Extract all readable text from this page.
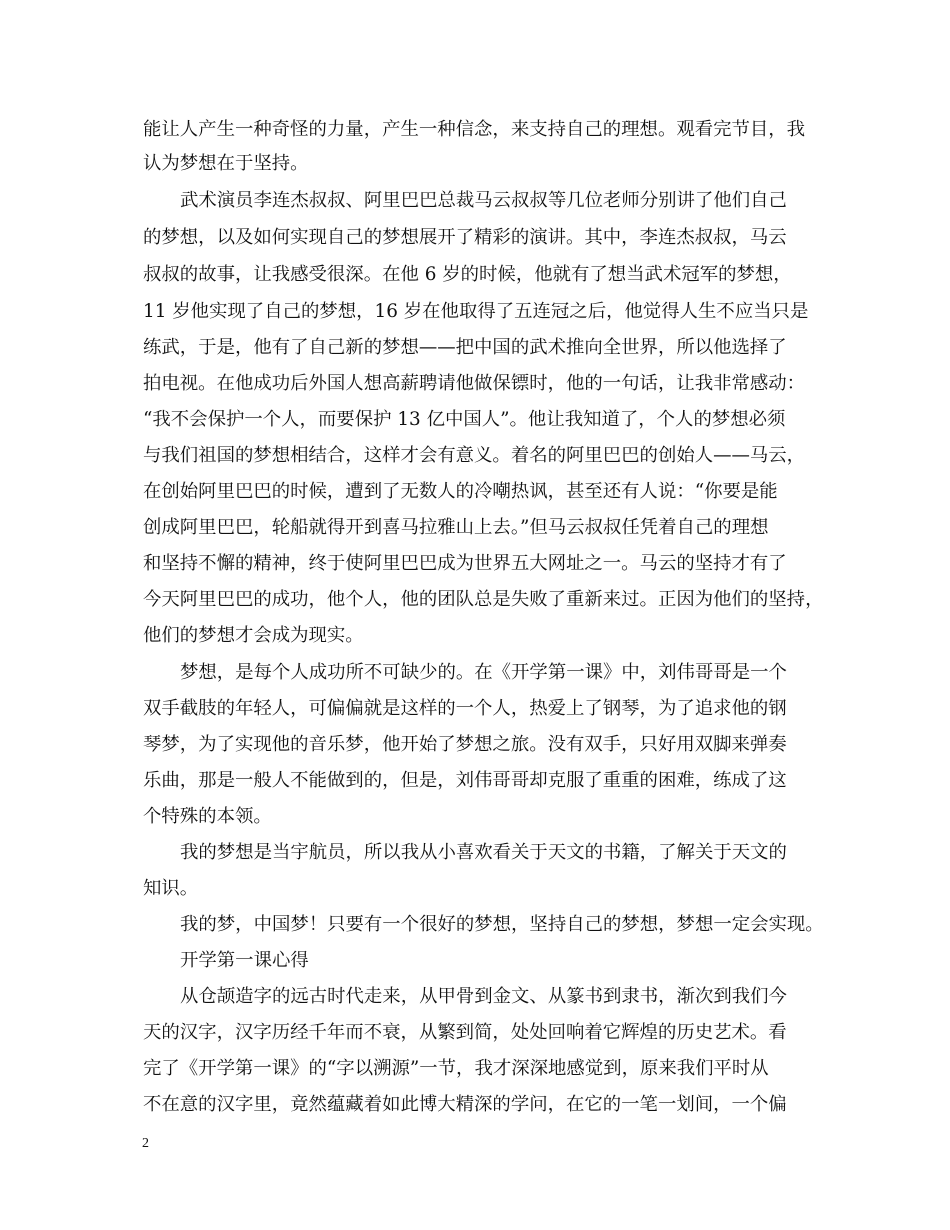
能让人产生一种奇怪的力量，产生一种信念，来支持自己的理想。观看完节目，我
认为梦想在于坚持。
武术演员李连杰叔叔、阿里巴巴总裁马云叔叔等几位老师分别讲了他们自己
的梦想，以及如何实现自己的梦想展开了精彩的演讲。其中，李连杰叔叔，马云
叔叔的故事，让我感受很深。在他 6 岁的时候，他就有了想当武术冠军的梦想，
11 岁他实现了自己的梦想，16 岁在他取得了五连冠之后，他觉得人生不应当只是
练武，于是，他有了自己新的梦想——把中国的武术推向全世界，所以他选择了
拍电视。在他成功后外国人想高薪聘请他做保镖时，他的一句话，让我非常感动：
“我不会保护一个人，而要保护 13 亿中国人”。他让我知道了，个人的梦想必须
与我们祖国的梦想相结合，这样才会有意义。着名的阿里巴巴的创始人——马云，
在创始阿里巴巴的时候，遭到了无数人的冷嘲热讽，甚至还有人说：“你要是能
创成阿里巴巴，轮船就得开到喜马拉雅山上去。”但马云叔叔任凭着自己的理想
和坚持不懈的精神，终于使阿里巴巴成为世界五大网址之一。马云的坚持才有了
今天阿里巴巴的成功，他个人，他的团队总是失败了重新来过。正因为他们的坚持，
他们的梦想才会成为现实。
梦想，是每个人成功所不可缺少的。在《开学第一课》中，刘伟哥哥是一个
双手截肢的年轻人，可偏偏就是这样的一个人，热爱上了钢琴，为了追求他的钢
琴梦，为了实现他的音乐梦，他开始了梦想之旅。没有双手，只好用双脚来弹奏
乐曲，那是一般人不能做到的，但是，刘伟哥哥却克服了重重的困难，练成了这
个特殊的本领。
我的梦想是当宇航员，所以我从小喜欢看关于天文的书籍，了解关于天文的
知识。
我的梦，中国梦！只要有一个很好的梦想，坚持自己的梦想，梦想一定会实现。
开学第一课心得
从仓颉造字的远古时代走来，从甲骨到金文、从篆书到隶书，渐次到我们今
天的汉字，汉字历经千年而不衰，从繁到简，处处回响着它辉煌的历史艺术。看
完了《开学第一课》的“字以溯源”一节，我才深深地感觉到，原来我们平时从
不在意的汉字里，竟然蕴藏着如此博大精深的学问，在它的一笔一划间，一个偏
2
